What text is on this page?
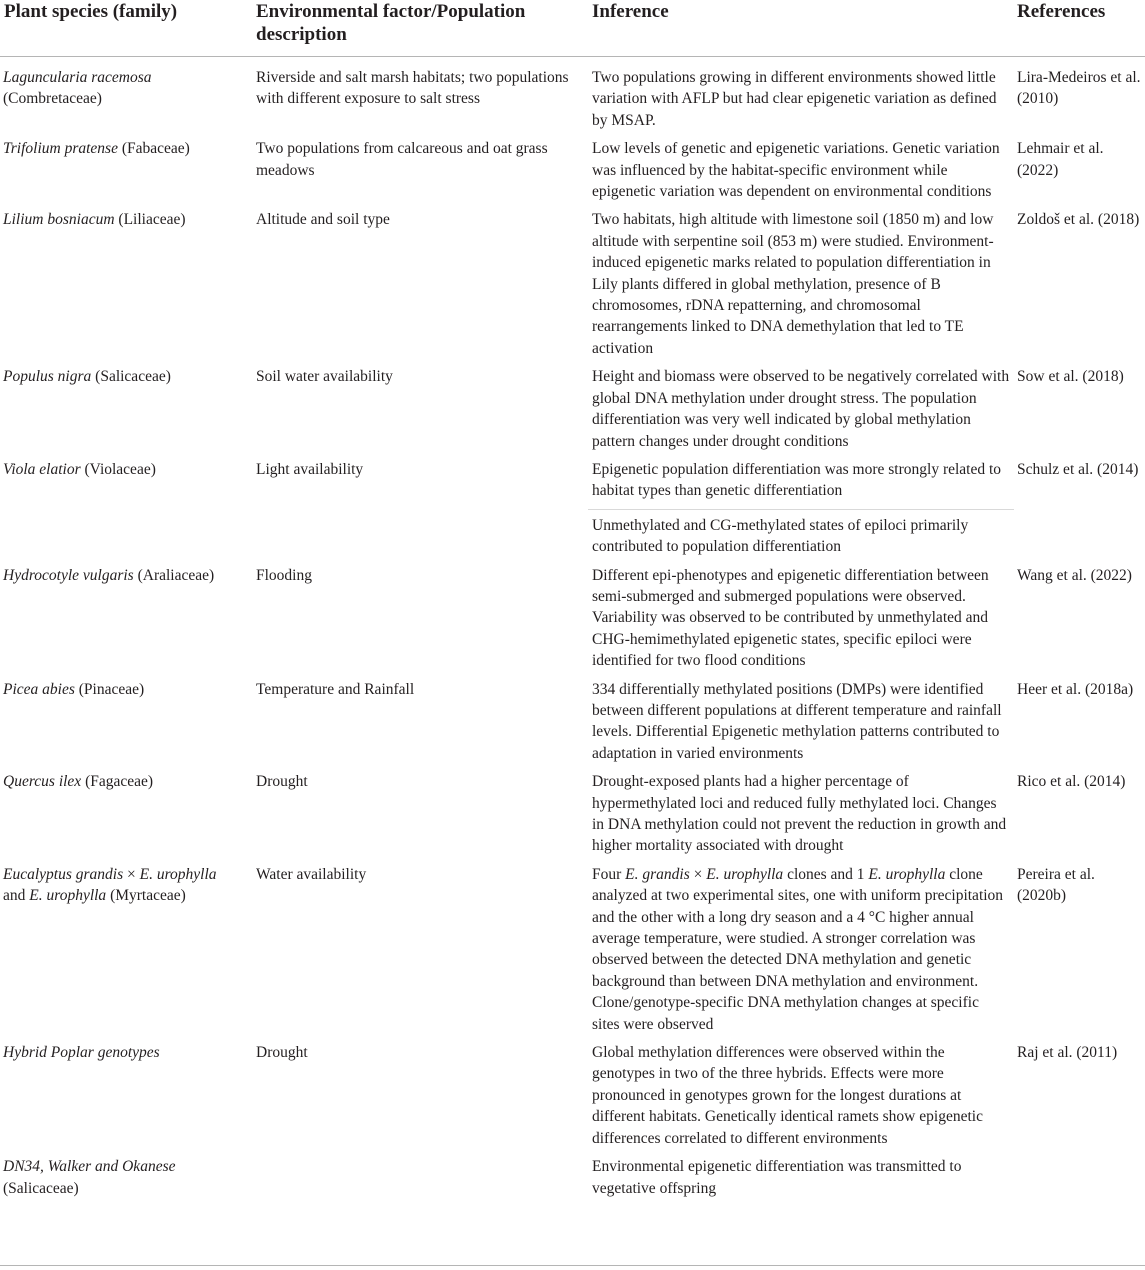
Plant species (family)	Environmental factor/Population description	Inference	References
Laguncularia racemosa (Combretaceae)	Riverside and salt marsh habitats; two populations with different exposure to salt stress	Two populations growing in different environments showed little variation with AFLP but had clear epigenetic variation as defined by MSAP.	Lira-Medeiros et al. (2010)
Trifolium pratense (Fabaceae)	Two populations from calcareous and oat grass meadows	Low levels of genetic and epigenetic variations. Genetic variation was influenced by the habitat-specific environment while epigenetic variation was dependent on environmental conditions	Lehmair et al. (2022)
Lilium bosniacum (Liliaceae)	Altitude and soil type	Two habitats, high altitude with limestone soil (1850 m) and low altitude with serpentine soil (853 m) were studied. Environment-induced epigenetic marks related to population differentiation in Lily plants differed in global methylation, presence of B chromosomes, rDNA repatterning, and chromosomal rearrangements linked to DNA demethylation that led to TE activation	Zoldoš et al. (2018)
Populus nigra (Salicaceae)	Soil water availability	Height and biomass were observed to be negatively correlated with global DNA methylation under drought stress. The population differentiation was very well indicated by global methylation pattern changes under drought conditions	Sow et al. (2018)
Viola elatior (Violaceae)	Light availability	Epigenetic population differentiation was more strongly related to habitat types than genetic differentiation	Schulz et al. (2014)
		Unmethylated and CG-methylated states of epiloci primarily contributed to population differentiation	
Hydrocotyle vulgaris (Araliaceae)	Flooding	Different epi-phenotypes and epigenetic differentiation between semi-submerged and submerged populations were observed. Variability was observed to be contributed by unmethylated and CHG-hemimethylated epigenetic states, specific epiloci were identified for two flood conditions	Wang et al. (2022)
Picea abies (Pinaceae)	Temperature and Rainfall	334 differentially methylated positions (DMPs) were identified between different populations at different temperature and rainfall levels. Differential Epigenetic methylation patterns contributed to adaptation in varied environments	Heer et al. (2018a)
Quercus ilex (Fagaceae)	Drought	Drought-exposed plants had a higher percentage of hypermethylated loci and reduced fully methylated loci. Changes in DNA methylation could not prevent the reduction in growth and higher mortality associated with drought	Rico et al. (2014)
Eucalyptus grandis × E. urophylla
and E. urophylla (Myrtaceae)	Water availability	Four E. grandis × E. urophylla clones and 1 E. urophylla clone analyzed at two experimental sites, one with uniform precipitation and the other with a long dry season and a 4 °C higher annual average temperature, were studied. A stronger correlation was observed between the detected DNA methylation and genetic background than between DNA methylation and environment. Clone/genotype-specific DNA methylation changes at specific sites were observed	Pereira et al. (2020b)
Hybrid Poplar genotypes	Drought	Global methylation differences were observed within the genotypes in two of the three hybrids. Effects were more pronounced in genotypes grown for the longest durations at different habitats. Genetically identical ramets show epigenetic differences correlated to different environments	Raj et al. (2011)
DN34, Walker and Okanese (Salicaceae)		Environmental epigenetic differentiation was transmitted to vegetative offspring	
